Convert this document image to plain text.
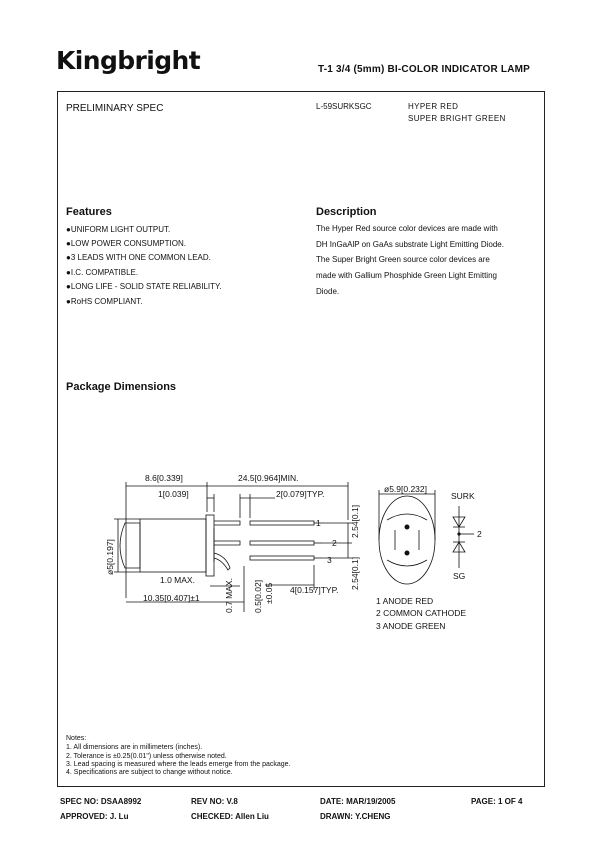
Kingbright	T-1 3/4 (5mm) BI-COLOR INDICATOR LAMP
PRELIMINARY SPEC	L-59SURKSGC	HYPER RED
SUPER BRIGHT GREEN
Features
●UNIFORM LIGHT OUTPUT.
●LOW POWER CONSUMPTION.
●3 LEADS WITH ONE COMMON LEAD.
●I.C. COMPATIBLE.
●LONG LIFE - SOLID STATE RELIABILITY.
●RoHS COMPLIANT.
Description
The Hyper Red source color devices are made with
DH InGaAlP on GaAs substrate Light Emitting Diode.
The Super Bright Green source color devices are
made with Gallium Phosphide Green Light Emitting
Diode.
Package Dimensions
8.6[0.339]	24.5[0.964]MIN.
1[0.039]	2[0.079]TYP.
ø5[0.197]
1.0 MAX.
10.35[0.407]±1	0.7 MAX. 0.5[0.02] ±0.05 4[0.157]TYP.
2.54[0.1]
2.54[0.1]
1
2
3
ø5.9[0.232]
SURK
2
SG
1 ANODE RED
2 COMMON CATHODE
3 ANODE GREEN
Notes:
1. All dimensions are in millimeters (inches).
2. Tolerance is ±0.25(0.01") unless otherwise noted.
3. Lead spacing is measured where the leads emerge from the package.
4. Specifications are subject to change without notice.
SPEC NO: DSAA8992	REV NO: V.8	DATE: MAR/19/2005	PAGE: 1 OF 4
APPROVED: J. Lu	CHECKED: Allen Liu	DRAWN: Y.CHENG
